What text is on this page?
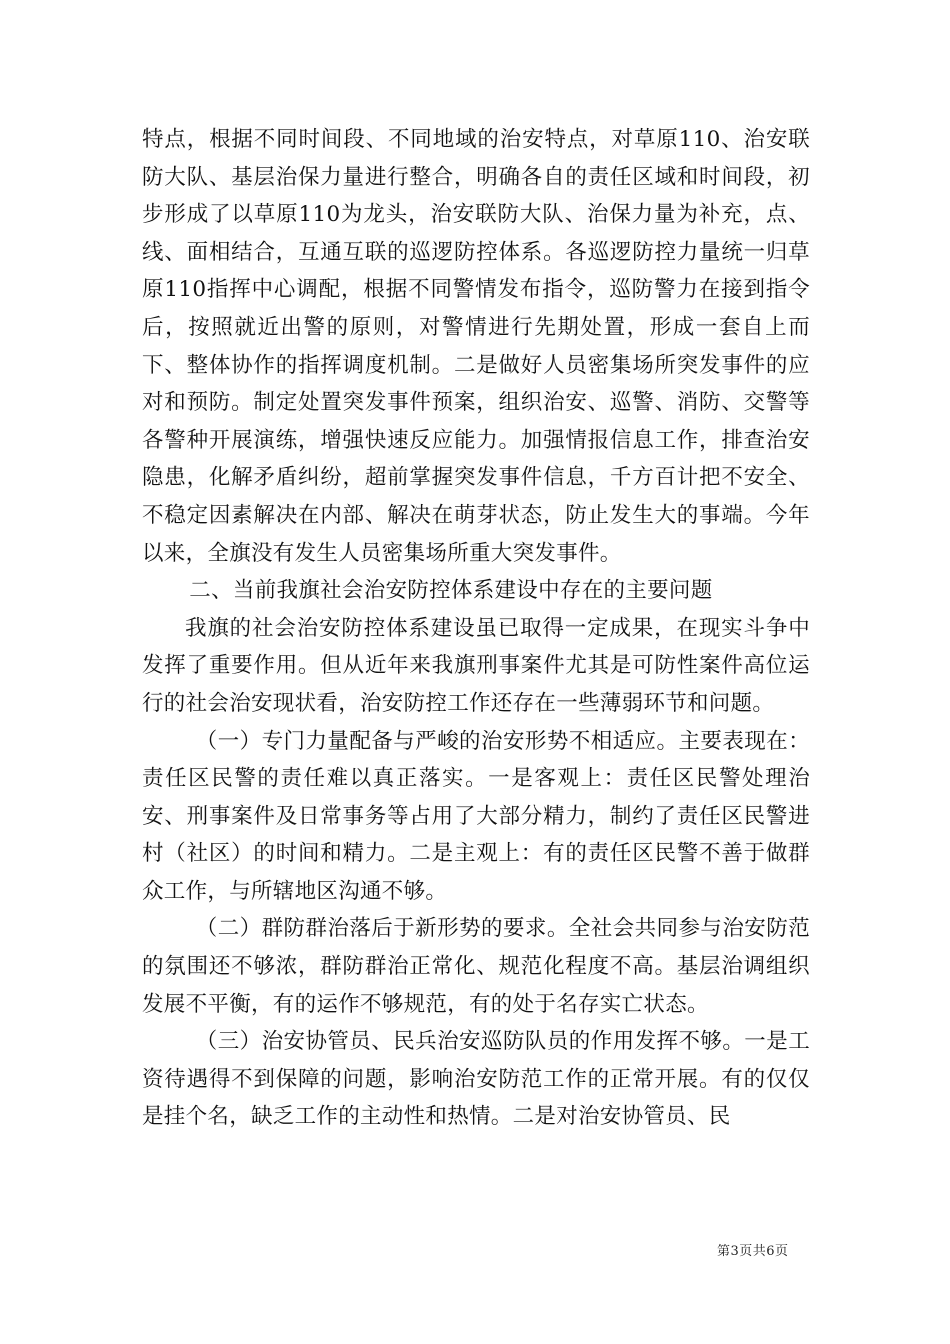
特点，根据不同时间段、不同地域的治安特点，对草原110、治安联防大队、基层治保力量进行整合，明确各自的责任区域和时间段，初步形成了以草原110为龙头，治安联防大队、治保力量为补充，点、线、面相结合，互通互联的巡逻防控体系。各巡逻防控力量统一归草原110指挥中心调配，根据不同警情发布指令，巡防警力在接到指令后，按照就近出警的原则，对警情进行先期处置，形成一套自上而下、整体协作的指挥调度机制。二是做好人员密集场所突发事件的应对和预防。制定处置突发事件预案，组织治安、巡警、消防、交警等各警种开展演练，增强快速反应能力。加强情报信息工作，排查治安隐患，化解矛盾纠纷，超前掌握突发事件信息，千方百计把不安全、不稳定因素解决在内部、解决在萌芽状态，防止发生大的事端。今年以来，全旗没有发生人员密集场所重大突发事件。

二、当前我旗社会治安防控体系建设中存在的主要问题

我旗的社会治安防控体系建设虽已取得一定成果，在现实斗争中发挥了重要作用。但从近年来我旗刑事案件尤其是可防性案件高位运行的社会治安现状看，治安防控工作还存在一些薄弱环节和问题。

（一）专门力量配备与严峻的治安形势不相适应。主要表现在：责任区民警的责任难以真正落实。一是客观上：责任区民警处理治安、刑事案件及日常事务等占用了大部分精力，制约了责任区民警进村（社区）的时间和精力。二是主观上：有的责任区民警不善于做群众工作，与所辖地区沟通不够。

（二）群防群治落后于新形势的要求。全社会共同参与治安防范的氛围还不够浓，群防群治正常化、规范化程度不高。基层治调组织发展不平衡，有的运作不够规范，有的处于名存实亡状态。

（三）治安协管员、民兵治安巡防队员的作用发挥不够。一是工资待遇得不到保障的问题，影响治安防范工作的正常开展。有的仅仅是挂个名，缺乏工作的主动性和热情。二是对治安协管员、民

第3页共6页
